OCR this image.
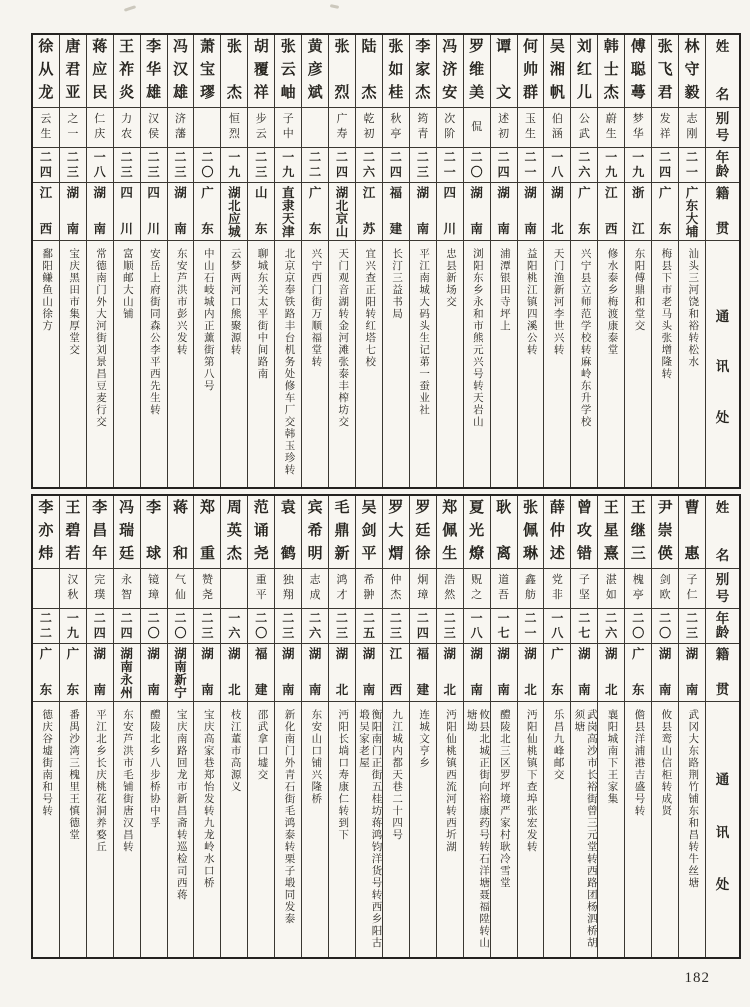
姓
名
别
号
年
龄
籍
贯
通
讯
处
林
守
毅
志
刚
二
一
广
东
大
埔
汕头三河饶和裕转松水
张
飞
君
发
祥
二
四
广
东
梅县下市老马头张增隆转
傅
聪
蕚
梦
华
一
九
浙
江
东阳傅鼎和堂交
韩
士
杰
蔚
生
一
九
江
西
修水泰乡梅渡康泰堂
刘
红
儿
公
武
二
六
广
东
兴宁县立师范学校转麻岭东升学校
吴
湘
帆
伯
涵
一
八
湖
北
天门渔新河李世兴转
何
帅
群
玉
生
二
一
湖
南
益阳桃江镇四溪公转
谭
文
述
初
二
四
湖
南
浦潭银田寺坪上
罗
维
美
侃
二
〇
湖
南
浏阳东乡永和市熊元兴号转天岩山
冯
济
安
次
阶
二
一
四
川
忠县新场交
李
家
杰
筠
青
二
三
湖
南
平江南城大码头生记苐一蚕业社
张
如
桂
秋
亭
二
四
福
建
长汀三益书局
陆
杰
乾
初
二
六
江
苏
宜兴查正阳转红塔七校
张
烈
广
寿
二
四
湖
北
京
山
天门观音湖转金河滩张泰丰榨坊交
黄
彦
斌
二
二
广
东
兴宁西门街万顺福堂转
张
云
岫
子
中
一
九
直
隶
天
津
北京京奉铁路丰台机务处修车厂交韩玉珍转
胡
覆
祥
步
云
二
三
山
东
聊城东关太平街中间路南
张
杰
恒
烈
一
九
湖
北
应
城
云梦两河口熊聚源转
萧
宝
璆
二
〇
广
东
中山石岐城内正薰街第八号
冯
汉
雄
济
藩
二
三
湖
南
东安芦洪市彭兴发转
李
华
雄
汉
侯
二
三
四
川
安岳上府街同森公李平西先生转
王
祚
炎
力
农
二
三
四
川
富顺邮大山铺
蒋
应
民
仁
庆
一
八
湖
南
常德南门外大河街刘景昌豆麦行交
唐
君
亚
之
一
二
三
湖
南
宝庆黑田市集厚堂交
徐
从
龙
云
生
二
四
江
西
鄱阳鳒鱼山徐方
姓
名
别
号
年
龄
籍
贯
通
讯
处
曹
惠
子
仁
二
三
湖
南
武冈大东路荆竹铺东和昌转牛丝塘
尹
崇
偀
剑
欧
二
〇
湖
南
攸县鸾山信柜转成贤
王
继
三
槐
亭
二
〇
广
东
儋县洋浦港吉盛号转
王
星
熹
湛
如
二
六
湖
北
襄阳城南下王家集
曾
攻
错
子
坚
二
七
湖
南
武岗高沙市长裕街曾三元堂转西路团杨泗桥胡须塘
薛
仲
述
党
非
一
八
广
东
乐昌九峰邮交
张
佩
琳
鑫
舫
二
一
湖
北
沔阳仙桃镇下查埠张宏发转
耿
离
道
吾
一
七
湖
南
醴陵北三区罗坪境严家村耿冷雪堂
夏
光
燎
贶
之
一
八
湖
南
攸县北城正街向裕康药号转石洋塘聂福陞转山塘坳
郑
佩
生
浩
然
二
三
湖
北
沔阳仙桃镇西流河转西圻湖
罗
廷
徐
炯
璋
二
四
福
建
连城文亨乡
罗
大
煟
仲
杰
二
三
江
西
九江城内都天巷二十四号
吴
剑
平
希
翀
二
五
湖
南
衡阳南门正街五桂坊蒋鸿钧洋货号转西乡阳古塅吴家老屋
毛
鼎
新
鸿
才
二
三
湖
北
沔阳长埫口寿康仁转到下
宾
希
明
志
成
二
六
湖
南
东安山口铺兴隆桥
袁
鹤
独
翔
二
三
湖
南
新化南门外青石街毛鸿泰转栗子塅同发泰
范
诵
尧
重
平
二
〇
福
建
邵武拿口墟交
周
英
杰
一
六
湖
北
枝江董市高源义
郑
重
赞
尧
二
三
湖
南
宝庆高家巷郑怡发转九龙岭水口桥
蒋
和
气
仙
二
〇
湖
南
新
宁
宝庆南路回龙市新昌斋转巡检司西蒋
李
球
镜
璋
二
〇
湖
南
醴陵北乡八步桥协中孚
冯
瑞
廷
永
智
二
四
湖
南
永
州
东安芦洪市毛铺街唐汉昌转
李
昌
年
完
璞
二
四
湖
南
平江北乡长庆桃花洞养婺丘
王
碧
若
汉
秋
一
九
广
东
番禺沙湾三槐里王慎德堂
李
亦
炜
二
二
广
东
德庆谷墟街南和号转
182
